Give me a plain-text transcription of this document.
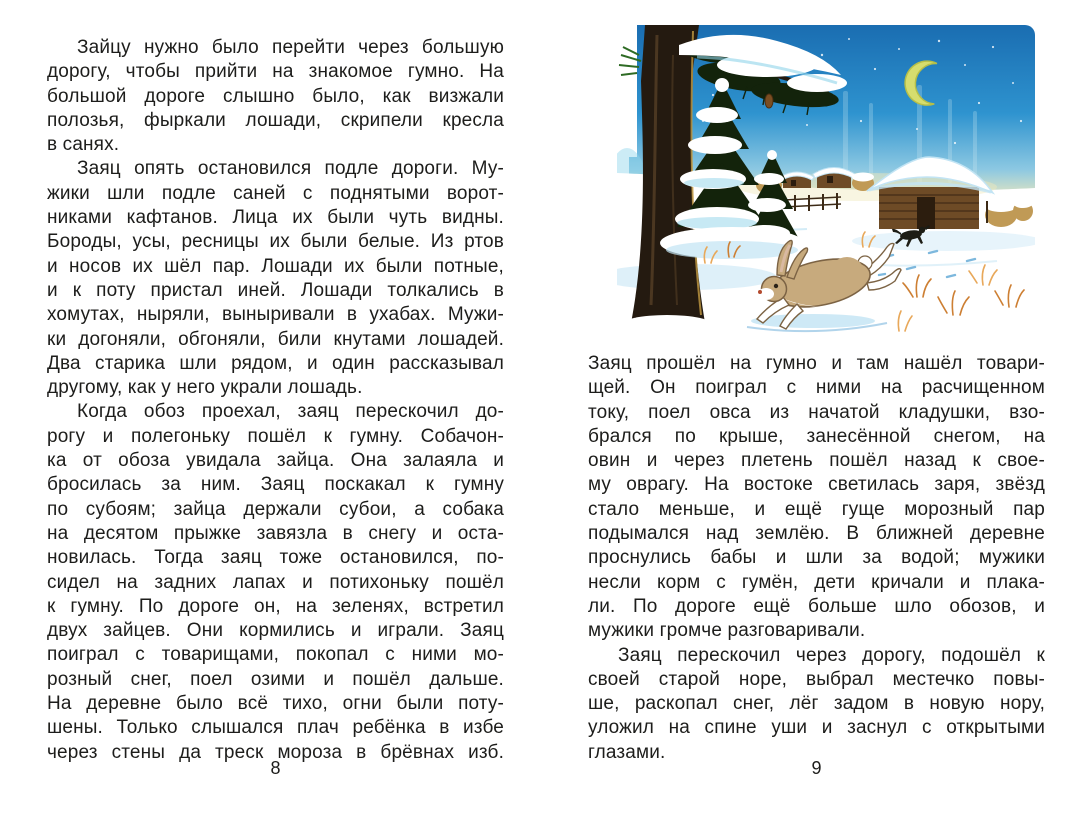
Зайцу нужно было перейти через большую
дорогу, чтобы прийти на знакомое гумно. На
большой дороге слышно было, как визжали
полозья, фыркали лошади, скрипели кресла
в санях.
Заяц опять остановился подле дороги. Му-
жики шли подле саней с поднятыми ворот-
никами кафтанов. Лица их были чуть видны.
Бороды, усы, ресницы их были белые. Из ртов
и носов их шёл пар. Лошади их были потные,
и к поту пристал иней. Лошади толкались в
хомутах, ныряли, выныривали в ухабах. Мужи-
ки догоняли, обгоняли, били кнутами лошадей.
Два старика шли рядом, и один рассказывал
другому, как у него украли лошадь.
Когда обоз проехал, заяц перескочил до-
рогу и полегоньку пошёл к гумну. Собачон-
ка от обоза увидала зайца. Она залаяла и
бросилась за ним. Заяц поскакал к гумну
по субоям; зайца держали субои, а собака
на десятом прыжке завязла в снегу и оста-
новилась. Тогда заяц тоже остановился, по-
сидел на задних лапах и потихоньку пошёл
к гумну. По дороге он, на зеленях, встретил
двух зайцев. Они кормились и играли. Заяц
поиграл с товарищами, покопал с ними мо-
розный снег, поел озими и пошёл дальше.
На деревне было всё тихо, огни были поту-
шены. Только слышался плач ребёнка в избе
через стены да треск мороза в брёвнах изб.
8
Заяц прошёл на гумно и там нашёл товари-
щей. Он поиграл с ними на расчищенном
току, поел овса из начатой кладушки, взо-
брался по крыше, занесённой снегом, на
овин и через плетень пошёл назад к свое-
му оврагу. На востоке светилась заря, звёзд
стало меньше, и ещё гуще морозный пар
подымался над землёю. В ближней деревне
проснулись бабы и шли за водой; мужики
несли корм с гумён, дети кричали и плака-
ли. По дороге ещё больше шло обозов, и
мужики громче разговаривали.
Заяц перескочил через дорогу, подошёл к
своей старой норе, выбрал местечко повы-
ше, раскопал снег, лёг задом в новую нору,
уложил на спине уши и заснул с открытыми
глазами.
9
